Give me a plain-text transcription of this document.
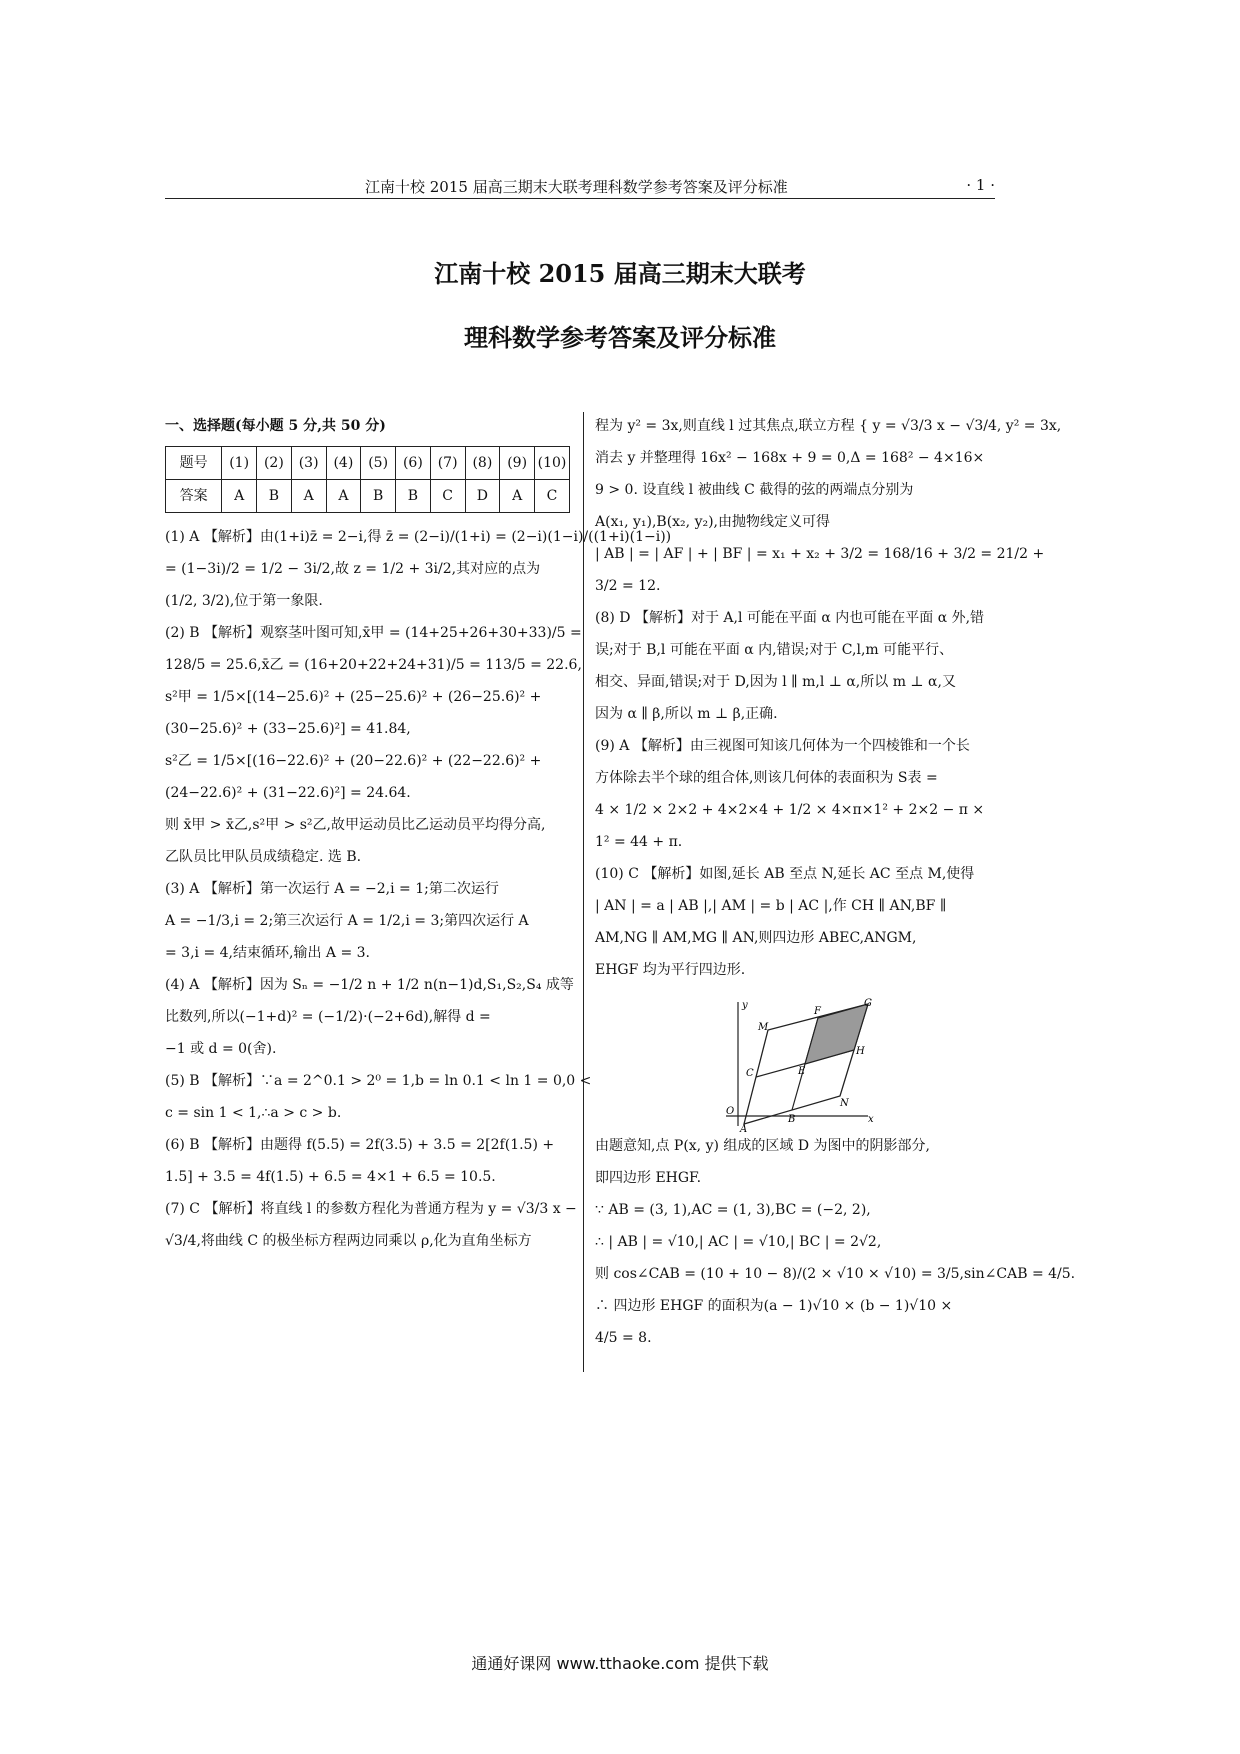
江南十校 2015 届高三期末大联考理科数学参考答案及评分标准	· 1 ·
江南十校 2015 届高三期末大联考
理科数学参考答案及评分标准
一、选择题(每小题 5 分,共 50 分)
题号	(1)	(2)	(3)	(4)	(5)	(6)	(7)	(8)	(9)	(10)
答案	A	B	A	A	B	B	C	D	A	C
(1) A 【解析】由(1+i)z̄ = 2−i,得 z̄ = (2−i)/(1+i) = (2−i)(1−i)/((1+i)(1−i))
= (1−3i)/2 = 1/2 − 3i/2,故 z = 1/2 + 3i/2,其对应的点为
(1/2, 3/2),位于第一象限.
(2) B 【解析】观察茎叶图可知,x̄甲 = (14+25+26+30+33)/5 =
128/5 = 25.6,x̄乙 = (16+20+22+24+31)/5 = 113/5 = 22.6,
s²甲 = 1/5×[(14−25.6)² + (25−25.6)² + (26−25.6)² +
(30−25.6)² + (33−25.6)²] = 41.84,
s²乙 = 1/5×[(16−22.6)² + (20−22.6)² + (22−22.6)² +
(24−22.6)² + (31−22.6)²] = 24.64.
则 x̄甲 > x̄乙,s²甲 > s²乙,故甲运动员比乙运动员平均得分高,
乙队员比甲队员成绩稳定. 选 B.
(3) A 【解析】第一次运行 A = −2,i = 1;第二次运行
A = −1/3,i = 2;第三次运行 A = 1/2,i = 3;第四次运行 A
= 3,i = 4,结束循环,输出 A = 3.
(4) A 【解析】因为 Sₙ = −1/2 n + 1/2 n(n−1)d,S₁,S₂,S₄ 成等
比数列,所以(−1+d)² = (−1/2)·(−2+6d),解得 d =
−1 或 d = 0(舍).
(5) B 【解析】∵a = 2^0.1 > 2⁰ = 1,b = ln 0.1 < ln 1 = 0,0 <
c = sin 1 < 1,∴a > c > b.
(6) B 【解析】由题得 f(5.5) = 2f(3.5) + 3.5 = 2[2f(1.5) +
1.5] + 3.5 = 4f(1.5) + 6.5 = 4×1 + 6.5 = 10.5.
(7) C 【解析】将直线 l 的参数方程化为普通方程为 y = √3/3 x −
√3/4,将曲线 C 的极坐标方程两边同乘以 ρ,化为直角坐标方
程为 y² = 3x,则直线 l 过其焦点,联立方程 { y = √3/3 x − √3/4, y² = 3x,
消去 y 并整理得 16x² − 168x + 9 = 0,Δ = 168² − 4×16×
9 > 0. 设直线 l 被曲线 C 截得的弦的两端点分别为
A(x₁, y₁),B(x₂, y₂),由抛物线定义可得
| AB | = | AF | + | BF | = x₁ + x₂ + 3/2 = 168/16 + 3/2 = 21/2 +
3/2 = 12.
(8) D 【解析】对于 A,l 可能在平面 α 内也可能在平面 α 外,错
误;对于 B,l 可能在平面 α 内,错误;对于 C,l,m 可能平行、
相交、异面,错误;对于 D,因为 l ∥ m,l ⊥ α,所以 m ⊥ α,又
因为 α ∥ β,所以 m ⊥ β,正确.
(9) A 【解析】由三视图可知该几何体为一个四棱锥和一个长
方体除去半个球的组合体,则该几何体的表面积为 S表 =
4 × 1/2 × 2×2 + 4×2×4 + 1/2 × 4×π×1² + 2×2 − π ×
1² = 44 + π.
(10) C 【解析】如图,延长 AB 至点 N,延长 AC 至点 M,使得
| AN | = a | AB |,| AM | = b | AC |,作 CH ∥ AN,BF ∥
AM,NG ∥ AM,MG ∥ AN,则四边形 ABEC,ANGM,
EHGF 均为平行四边形.
x
y
O
A
B
C	E
F
G
H
M
N
由题意知,点 P(x, y) 组成的区域 D 为图中的阴影部分,
即四边形 EHGF.
∵ AB = (3, 1),AC = (1, 3),BC = (−2, 2),
∴ | AB | = √10,| AC | = √10,| BC | = 2√2,
则 cos∠CAB = (10 + 10 − 8)/(2 × √10 × √10) = 3/5,sin∠CAB = 4/5.
∴ 四边形 EHGF 的面积为(a − 1)√10 × (b − 1)√10 ×
4/5 = 8.
通通好课网 www.tthaoke.com 提供下载
